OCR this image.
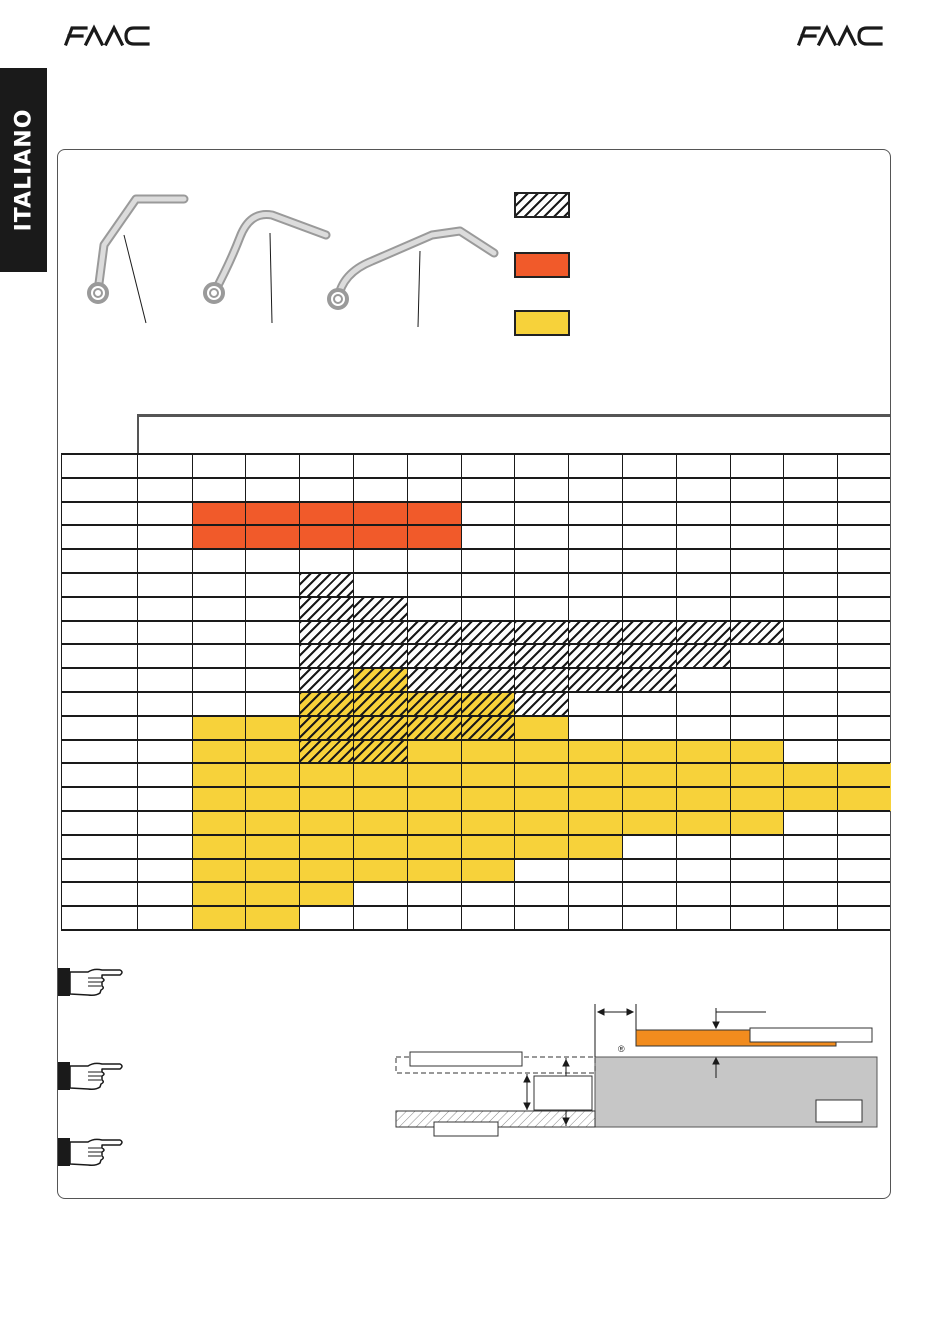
ITALIANO
®
